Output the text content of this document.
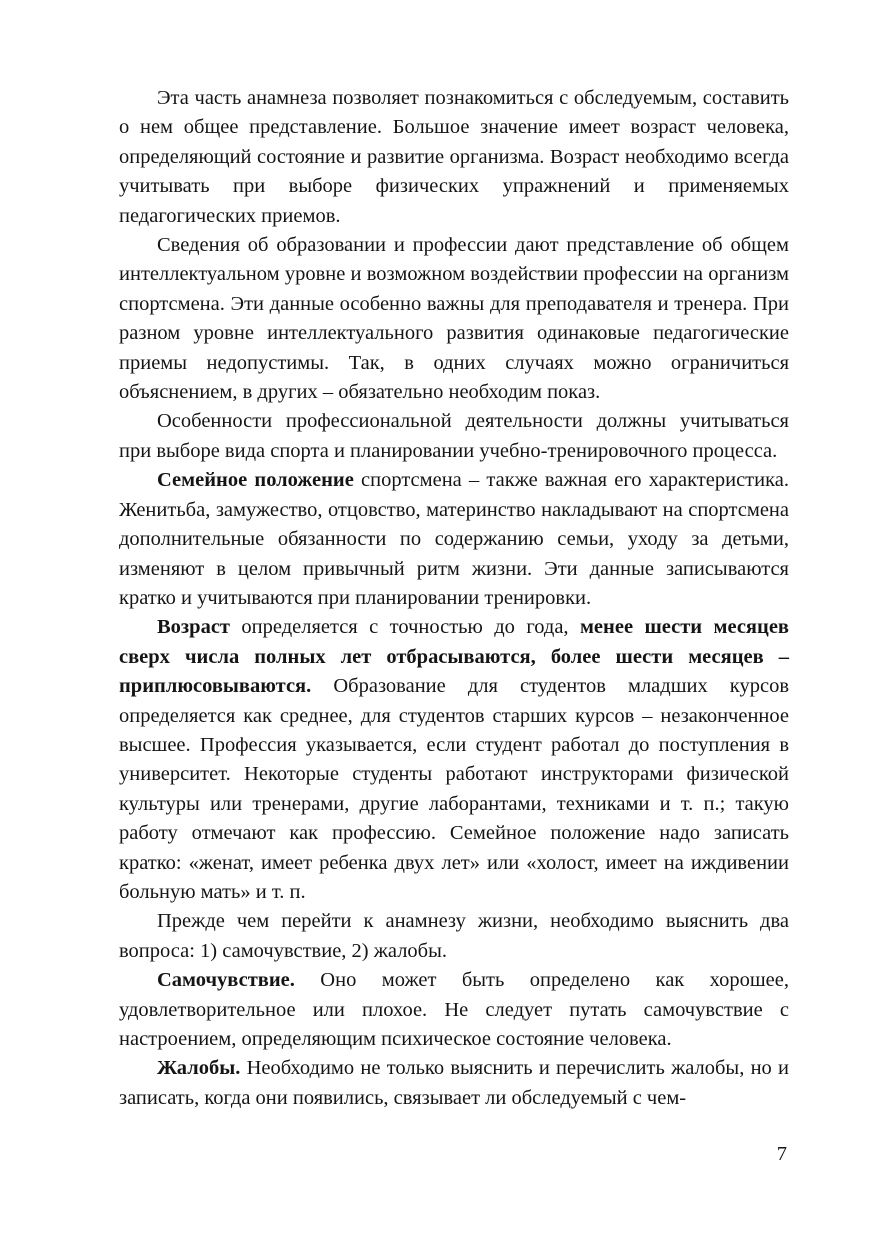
Эта часть анамнеза позволяет познакомиться с обследуемым, составить о нем общее представление. Большое значение имеет возраст человека, определяющий состояние и развитие организма. Возраст необходимо всегда учитывать при выборе физических упражнений и применяемых педагогических приемов.

Сведения об образовании и профессии дают представление об общем интеллектуальном уровне и возможном воздействии профессии на организм спортсмена. Эти данные особенно важны для преподавателя и тренера. При разном уровне интеллектуального развития одинаковые педагогические приемы недопустимы. Так, в одних случаях можно ограничиться объяснением, в других – обязательно необходим показ.

Особенности профессиональной деятельности должны учитываться при выборе вида спорта и планировании учебно-тренировочного процесса.

Семейное положение спортсмена – также важная его характеристика. Женитьба, замужество, отцовство, материнство накладывают на спортсмена дополнительные обязанности по содержанию семьи, уходу за детьми, изменяют в целом привычный ритм жизни. Эти данные записываются кратко и учитываются при планировании тренировки.

Возраст определяется с точностью до года, менее шести месяцев сверх числа полных лет отбрасываются, более шести месяцев – приплюсовываются. Образование для студентов младших курсов определяется как среднее, для студентов старших курсов – незаконченное высшее. Профессия указывается, если студент работал до поступления в университет. Некоторые студенты работают инструкторами физической культуры или тренерами, другие лаборантами, техниками и т. п.; такую работу отмечают как профессию. Семейное положение надо записать кратко: «женат, имеет ребенка двух лет» или «холост, имеет на иждивении больную мать» и т. п.

Прежде чем перейти к анамнезу жизни, необходимо выяснить два вопроса: 1) самочувствие, 2) жалобы.

Самочувствие. Оно может быть определено как хорошее, удовлетворительное или плохое. Не следует путать самочувствие с настроением, определяющим психическое состояние человека.

Жалобы. Необходимо не только выяснить и перечислить жалобы, но и записать, когда они появились, связывает ли обследуемый с чем-

7
